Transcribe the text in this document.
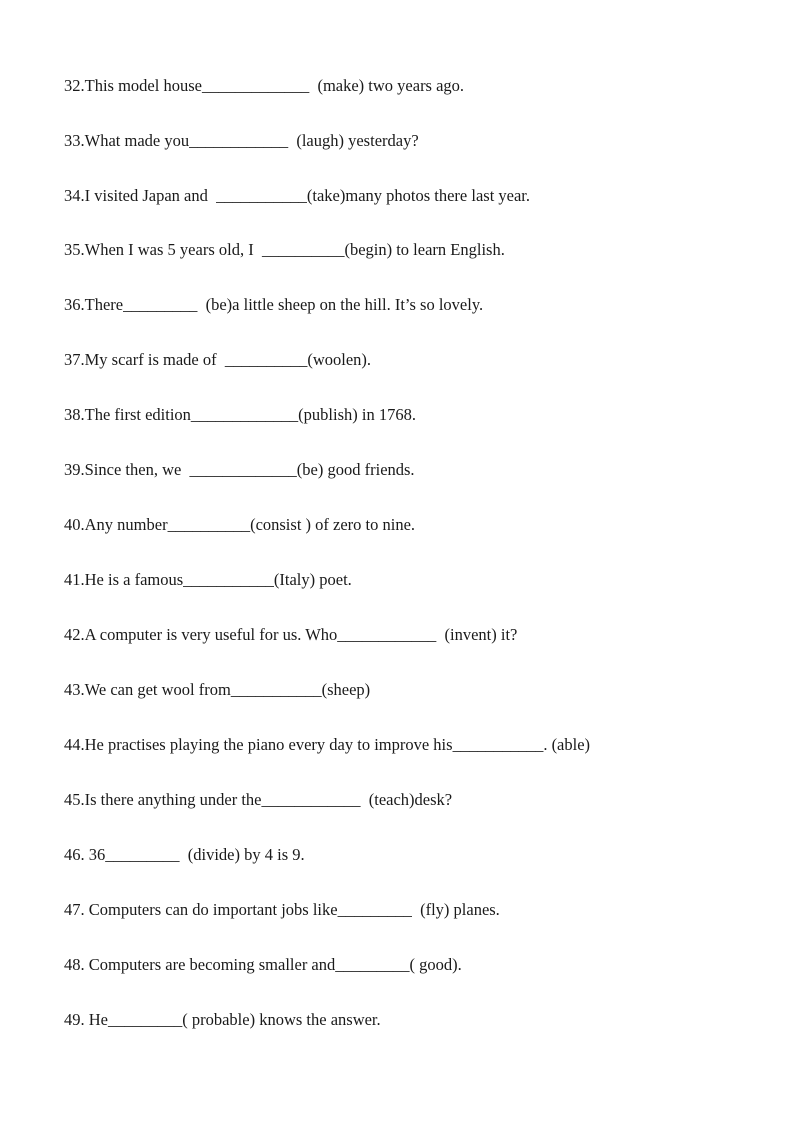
32.This model house_____________  (make) two years ago.
33.What made you____________  (laugh) yesterday?
34.I visited Japan and  ___________(take)many photos there last year.
35.When I was 5 years old, I  __________(begin) to learn English.
36.There_________  (be)a little sheep on the hill. It’s so lovely.
37.My scarf is made of  __________(woolen).
38.The first edition_____________(publish) in 1768.
39.Since then, we  _____________(be) good friends.
40.Any number__________(consist ) of zero to nine.
41.He is a famous___________(Italy) poet.
42.A computer is very useful for us. Who____________  (invent) it?
43.We can get wool from___________(sheep)
44.He practises playing the piano every day to improve his___________. (able)
45.Is there anything under the____________  (teach)desk?
46. 36_________  (divide) by 4 is 9.
47. Computers can do important jobs like_________  (fly) planes.
48. Computers are becoming smaller and_________( good).
49. He_________( probable) knows the answer.
